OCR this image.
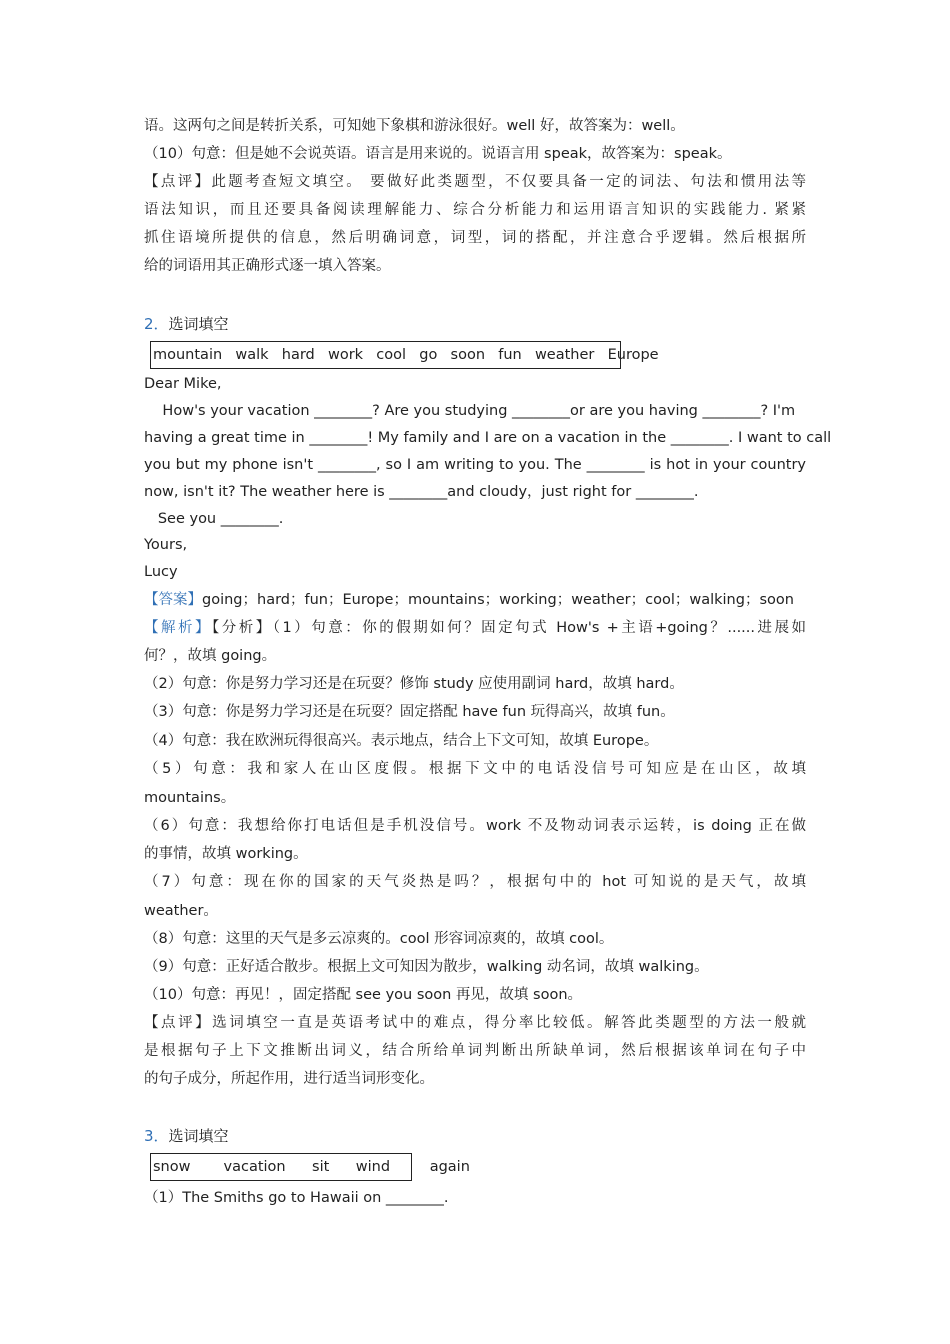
语。这两句之间是转折关系，可知她下象棋和游泳很好。well 好，故答案为：well。
（10）句意：但是她不会说英语。语言是用来说的。说语言用 speak，故答案为：speak。
【点评】此题考查短文填空。 要做好此类题型，不仅要具备一定的词法、句法和惯用法等
语法知识，而且还要具备阅读理解能力、综合分析能力和运用语言知识的实践能力. 紧紧
抓住语境所提供的信息，然后明确词意，词型，词的搭配，并注意合乎逻辑。然后根据所
给的词语用其正确形式逐一填入答案。
2．选词填空
mountain  walk  hard  work  cool  go  soon  fun  weather  Europe
Dear Mike,
How's your vacation ________? Are you studying ________or are you having ________? I'm
having a great time in ________! My family and I are on a vacation in the ________. I want to call
you but my phone isn't ________, so I am writing to you. The ________ is hot in your country
now, isn't it? The weather here is ________and cloudy，just right for ________.
See you ________.
Yours,
Lucy
【答案】going；hard；fun；Europe；mountains；working；weather；cool；walking；soon
【解析】【分析】（1）句意：你的假期如何？固定句式 How's +主语+going？......进展如
何？，故填 going。
（2）句意：你是努力学习还是在玩耍？修饰 study 应使用副词 hard，故填 hard。
（3）句意：你是努力学习还是在玩耍？固定搭配 have fun 玩得高兴，故填 fun。
（4）句意：我在欧洲玩得很高兴。表示地点，结合上下文可知，故填 Europe。
（5）句意：我和家人在山区度假。根据下文中的电话没信号可知应是在山区，故填
mountains。
（6）句意：我想给你打电话但是手机没信号。work 不及物动词表示运转，is doing 正在做
的事情，故填 working。
（7）句意：现在你的国家的天气炎热是吗？，根据句中的 hot 可知说的是天气，故填
weather。
（8）句意：这里的天气是多云凉爽的。cool 形容词凉爽的，故填 cool。
（9）句意：正好适合散步。根据上文可知因为散步，walking 动名词，故填 walking。
（10）句意：再见！，固定搭配 see you soon 再见，故填 soon。
【点评】选词填空一直是英语考试中的难点，得分率比较低。解答此类题型的方法一般就
是根据句子上下文推断出词义，结合所给单词判断出所缺单词，然后根据该单词在句子中
的句子成分，所起作用，进行适当词形变化。
3．选词填空
snow     vacation    sit    wind      again
（1）The Smiths go to Hawaii on ________.
